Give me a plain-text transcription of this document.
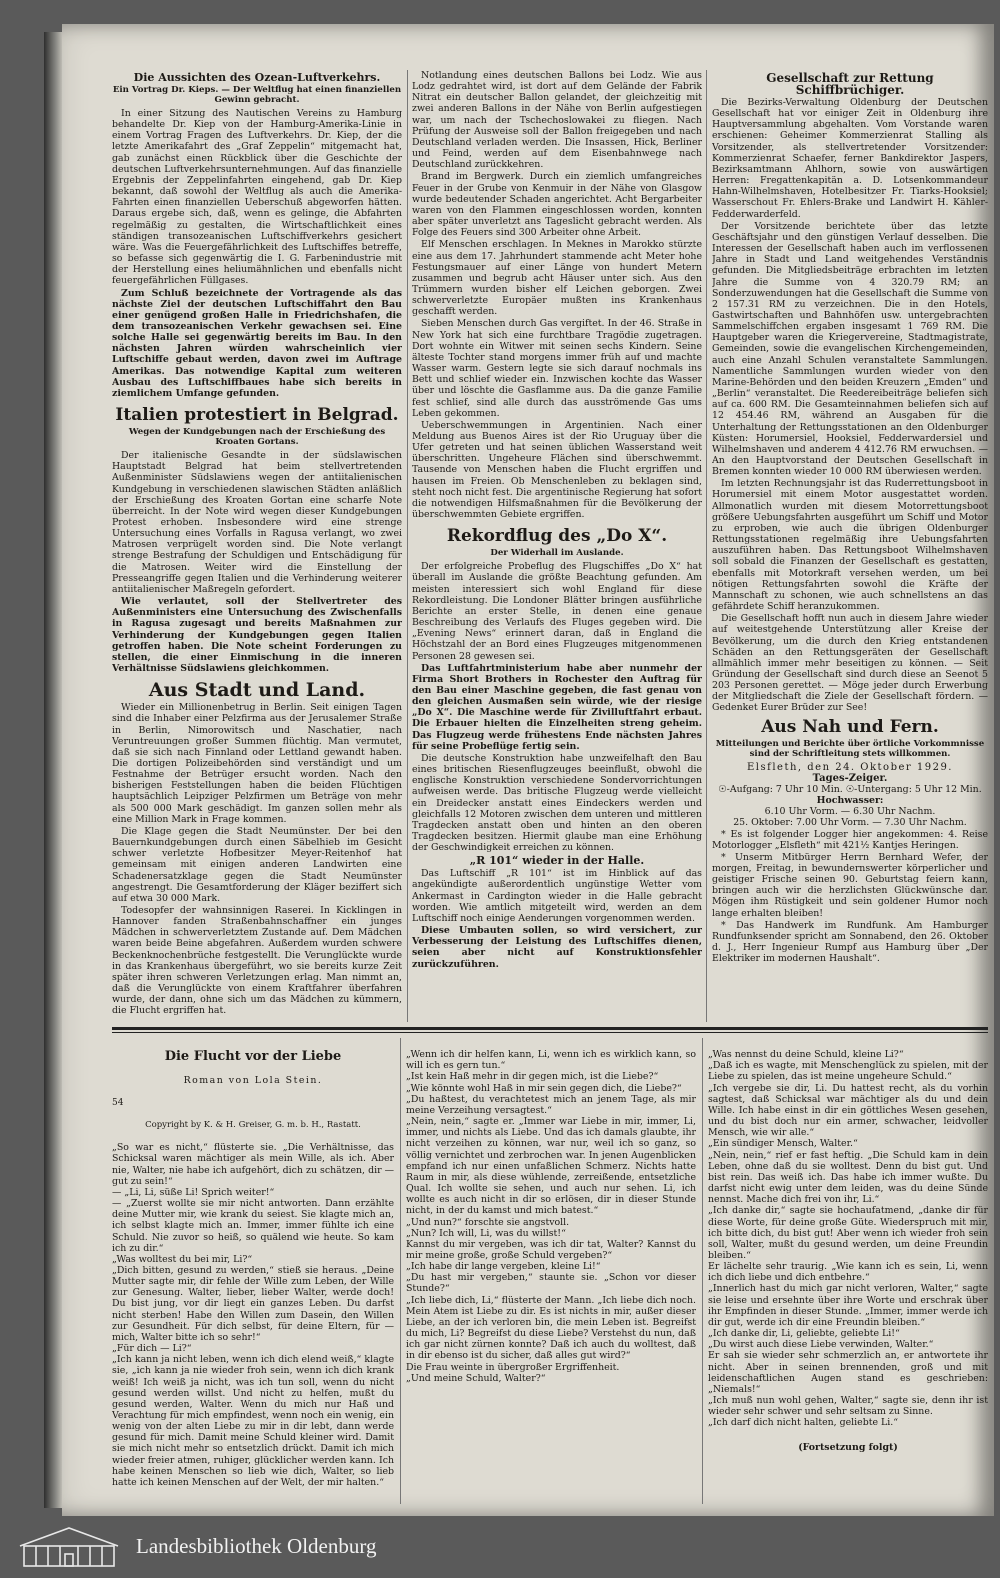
Die Aussichten des Ozean-Luftverkehrs.
Ein Vortrag Dr. Kieps. — Der Weltflug hat einen finanziellen Gewinn gebracht.

In einer Sitzung des Nautischen Vereins zu Hamburg behandelte Dr. Kiep von der Hamburg-Amerika-Linie in einem Vortrag Fragen des Luftverkehrs. Dr. Kiep, der die letzte Amerikafahrt des „Graf Zeppelin“ mitgemacht hat, gab zunächst einen Rückblick über die Geschichte der deutschen Luftverkehrsunternehmungen. Auf das finanzielle Ergebnis der Zeppelinfahrten eingehend, gab Dr. Kiep bekannt, daß sowohl der Weltflug als auch die Amerika-Fahrten einen finanziellen Ueberschuß abgeworfen hätten. Daraus ergebe sich, daß, wenn es gelinge, die Abfahrten regelmäßig zu gestalten, die Wirtschaftlichkeit eines ständigen transozeanischen Luftschiffverkehrs gesichert wäre. Was die Feuergefährlichkeit des Luftschiffes betreffe, so befasse sich gegenwärtig die I. G. Farbenindustrie mit der Herstellung eines heliumähnlichen und ebenfalls nicht feuergefährlichen Füllgases.

Zum Schluß bezeichnete der Vortragende als das nächste Ziel der deutschen Luftschiffahrt den Bau einer genügend großen Halle in Friedrichshafen, die dem transozeanischen Verkehr gewachsen sei. Eine solche Halle sei gegenwärtig bereits im Bau. In den nächsten Jahren würden wahrscheinlich vier Luftschiffe gebaut werden, davon zwei im Auftrage Amerikas. Das notwendige Kapital zum weiteren Ausbau des Luftschiffbaues habe sich bereits in ziemlichem Umfange gefunden.

Italien protestiert in Belgrad.
Wegen der Kundgebungen nach der Erschießung des Kroaten Gortans.

Der italienische Gesandte in der südslawischen Hauptstadt Belgrad hat beim stellvertretenden Außenminister Südslawiens wegen der antiitalienischen Kundgebung in verschiedenen slawischen Städten anläßlich der Erschießung des Kroaten Gortan eine scharfe Note überreicht. In der Note wird wegen dieser Kundgebungen Protest erhoben. Insbesondere wird eine strenge Untersuchung eines Vorfalls in Ragusa verlangt, wo zwei Matrosen verprügelt worden sind. Die Note verlangt strenge Bestrafung der Schuldigen und Entschädigung für die Matrosen. Weiter wird die Einstellung der Presseangriffe gegen Italien und die Verhinderung weiterer antiitalienischer Maßregeln gefordert.

Wie verlautet, soll der Stellvertreter des Außenministers eine Untersuchung des Zwischenfalls in Ragusa zugesagt und bereits Maßnahmen zur Verhinderung der Kundgebungen gegen Italien getroffen haben. Die Note scheint Forderungen zu stellen, die einer Einmischung in die inneren Verhältnisse Südslawiens gleichkommen.

Aus Stadt und Land.

Wieder ein Millionenbetrug in Berlin. Seit einigen Tagen sind die Inhaber einer Pelzfirma aus der Jerusalemer Straße in Berlin, Nimorowitsch und Naschatier, nach Veruntreuungen großer Summen flüchtig. Man vermutet, daß sie sich nach Finnland oder Lettland gewandt haben. Die dortigen Polizeibehörden sind verständigt und um Festnahme der Betrüger ersucht worden. Nach den bisherigen Feststellungen haben die beiden Flüchtigen hauptsächlich Leipziger Pelzfirmen um Beträge von mehr als 500 000 Mark geschädigt. Im ganzen sollen mehr als eine Million Mark in Frage kommen.

Die Klage gegen die Stadt Neumünster. Der bei den Bauernkundgebungen durch einen Säbelhieb im Gesicht schwer verletzte Hofbesitzer Meyer-Reitenhof hat gemeinsam mit einigen anderen Landwirten eine Schadenersatzklage gegen die Stadt Neumünster angestrengt. Die Gesamtforderung der Kläger beziffert sich auf etwa 30 000 Mark.

Todesopfer der wahnsinnigen Raserei. In Kicklingen in Hannover fanden Straßenbahnschaffner ein junges Mädchen in schwerverletztem Zustande auf. Dem Mädchen waren beide Beine abgefahren. Außerdem wurden schwere Beckenknochenbrüche festgestellt. Die Verunglückte wurde in das Krankenhaus übergeführt, wo sie bereits kurze Zeit später ihren schweren Verletzungen erlag. Man nimmt an, daß die Verunglückte von einem Kraftfahrer überfahren wurde, der dann, ohne sich um das Mädchen zu kümmern, die Flucht ergriffen hat.

Notlandung eines deutschen Ballons bei Lodz. Wie aus Lodz gedrahtet wird, ist dort auf dem Gelände der Fabrik Nitrat ein deutscher Ballon gelandet, der gleichzeitig mit zwei anderen Ballons in der Nähe von Berlin aufgestiegen war, um nach der Tschechoslowakei zu fliegen. Nach Prüfung der Ausweise soll der Ballon freigegeben und nach Deutschland verladen werden. Die Insassen, Hick, Berliner und Feind, werden auf dem Eisenbahnwege nach Deutschland zurückkehren.

Brand im Bergwerk. Durch ein ziemlich umfangreiches Feuer in der Grube von Kenmuir in der Nähe von Glasgow wurde bedeutender Schaden angerichtet. Acht Bergarbeiter waren von den Flammen eingeschlossen worden, konnten aber später unverletzt ans Tageslicht gebracht werden. Als Folge des Feuers sind 300 Arbeiter ohne Arbeit.

Elf Menschen erschlagen. In Meknes in Marokko stürzte eine aus dem 17. Jahrhundert stammende acht Meter hohe Festungsmauer auf einer Länge von hundert Metern zusammen und begrub acht Häuser unter sich. Aus den Trümmern wurden bisher elf Leichen geborgen. Zwei schwerverletzte Europäer mußten ins Krankenhaus geschafft werden.

Sieben Menschen durch Gas vergiftet. In der 46. Straße in New York hat sich eine furchtbare Tragödie zugetragen. Dort wohnte ein Witwer mit seinen sechs Kindern. Seine älteste Tochter stand morgens immer früh auf und machte Wasser warm. Gestern legte sie sich darauf nochmals ins Bett und schlief wieder ein. Inzwischen kochte das Wasser über und löschte die Gasflamme aus. Da die ganze Familie fest schlief, sind alle durch das ausströmende Gas ums Leben gekommen.

Ueberschwemmungen in Argentinien. Nach einer Meldung aus Buenos Aires ist der Rio Uruguay über die Ufer getreten und hat seinen üblichen Wasserstand weit überschritten. Ungeheure Flächen sind überschwemmt. Tausende von Menschen haben die Flucht ergriffen und hausen im Freien. Ob Menschenleben zu beklagen sind, steht noch nicht fest. Die argentinische Regierung hat sofort die notwendigen Hilfsmaßnahmen für die Bevölkerung der überschwemmten Gebiete ergriffen.

Rekordflug des „Do X“.
Der Widerhall im Auslande.

Der erfolgreiche Probeflug des Flugschiffes „Do X“ hat überall im Auslande die größte Beachtung gefunden. Am meisten interessiert sich wohl England für diese Rekordleistung. Die Londoner Blätter bringen ausführliche Berichte an erster Stelle, in denen eine genaue Beschreibung des Verlaufs des Fluges gegeben wird. Die „Evening News“ erinnert daran, daß in England die Höchstzahl der an Bord eines Flugzeuges mitgenommenen Personen 28 gewesen sei.

Das Luftfahrtministerium habe aber nunmehr der Firma Short Brothers in Rochester den Auftrag für den Bau einer Maschine gegeben, die fast genau von den gleichen Ausmaßen sein würde, wie der riesige „Do X“. Die Maschine werde für Zivilluftfahrt erbaut. Die Erbauer hielten die Einzelheiten streng geheim. Das Flugzeug werde frühestens Ende nächsten Jahres für seine Probeflüge fertig sein.

Die deutsche Konstruktion habe unzweifelhaft den Bau eines britischen Riesenflugzeuges beeinflußt, obwohl die englische Konstruktion verschiedene Sondervorrichtungen aufweisen werde. Das britische Flugzeug werde vielleicht ein Dreidecker anstatt eines Eindeckers werden und gleichfalls 12 Motoren zwischen dem unteren und mittleren Tragdecken anstatt oben und hinten an den oberen Tragdecken besitzen. Hiermit glaube man eine Erhöhung der Geschwindigkeit erreichen zu können.

„R 101“ wieder in der Halle.

Das Luftschiff „R 101“ ist im Hinblick auf das angekündigte außerordentlich ungünstige Wetter vom Ankermast in Cardington wieder in die Halle gebracht worden. Wie amtlich mitgeteilt wird, werden an dem Luftschiff noch einige Aenderungen vorgenommen werden.

Diese Umbauten sollen, so wird versichert, zur Verbesserung der Leistung des Luftschiffes dienen, seien aber nicht auf Konstruktionsfehler zurückzuführen.

Gesellschaft zur Rettung Schiffbrüchiger.

Die Bezirks-Verwaltung Oldenburg der Deutschen Gesellschaft hat vor einiger Zeit in Oldenburg ihre Hauptversammlung abgehalten. Vom Vorstande waren erschienen: Geheimer Kommerzienrat Stalling als Vorsitzender, als stellvertretender Vorsitzender: Kommerzienrat Schaefer, ferner Bankdirektor Jaspers, Bezirksamtmann Ahlhorn, sowie von auswärtigen Herren: Fregattenkapitän a. D. Lotsenkommandeur Hahn-Wilhelmshaven, Hotelbesitzer Fr. Tiarks-Hooksiel; Wasserschout Fr. Ehlers-Brake und Landwirt H. Kähler-Fedderwarderfeld.

Der Vorsitzende berichtete über das letzte Geschäftsjahr und den günstigen Verlauf desselben. Die Interessen der Gesellschaft haben auch im verflossenen Jahre in Stadt und Land weitgehendes Verständnis gefunden. Die Mitgliedsbeiträge erbrachten im letzten Jahre die Summe von 4 320.79 RM; an Sonderzuwendungen hat die Gesellschaft die Summe von 2 157.31 RM zu verzeichnen. Die in den Hotels, Gastwirtschaften und Bahnhöfen usw. untergebrachten Sammelschiffchen ergaben insgesamt 1 769 RM. Die Hauptgeber waren die Kriegervereine, Stadtmagistrate, Gemeinden, sowie die evangelischen Kirchengemeinden, auch eine Anzahl Schulen veranstaltete Sammlungen. Namentliche Sammlungen wurden wieder von den Marine-Behörden und den beiden Kreuzern „Emden“ und „Berlin“ veranstaltet. Die Reedereibeiträge beliefen sich auf ca. 600 RM. Die Gesamteinnahmen beliefen sich auf 12 454.46 RM, während an Ausgaben für die Unterhaltung der Rettungsstationen an den Oldenburger Küsten: Horumersiel, Hooksiel, Fedderwardersiel und Wilhelmshaven und anderem 4 412.76 RM erwuchsen. — An den Hauptvorstand der Deutschen Gesellschaft in Bremen konnten wieder 10 000 RM überwiesen werden.

Im letzten Rechnungsjahr ist das Ruderrettungsboot in Horumersiel mit einem Motor ausgestattet worden. Allmonatlich wurden mit diesem Motorrettungsboot größere Uebungsfahrten ausgeführt um Schiff und Motor zu erproben, wie auch die übrigen Oldenburger Rettungsstationen regelmäßig ihre Uebungsfahrten auszuführen haben. Das Rettungsboot Wilhelmshaven soll sobald die Finanzen der Gesellschaft es gestatten, ebenfalls mit Motorkraft versehen werden, um bei nötigen Rettungsfahrten sowohl die Kräfte der Mannschaft zu schonen, wie auch schnellstens an das gefährdete Schiff heranzukommen.

Die Gesellschaft hofft nun auch in diesem Jahre wieder auf weitestgehende Unterstützung aller Kreise der Bevölkerung, um die durch den Krieg entstandenen Schäden an den Rettungsgeräten der Gesellschaft allmählich immer mehr beseitigen zu können. — Seit Gründung der Gesellschaft sind durch diese an Seenot 5 203 Personen gerettet. — Möge jeder durch Erwerbung der Mitgliedschaft die Ziele der Gesellschaft fördern. — Gedenket Eurer Brüder zur See!

Aus Nah und Fern.
Mitteilungen und Berichte über örtliche Vorkommnisse sind der Schriftleitung stets willkommen.
Elsfleth, den 24. Oktober 1929.
Tages-Zeiger.
☉-Aufgang: 7 Uhr 10 Min. ☉-Untergang: 5 Uhr 12 Min.
Hochwasser:
6.10 Uhr Vorm. — 6.30 Uhr Nachm.
25. Oktober: 7.00 Uhr Vorm. — 7.30 Uhr Nachm.

* Es ist folgender Logger hier angekommen: 4. Reise Motorlogger „Elsfleth“ mit 421½ Kantjes Heringen.

* Unserm Mitbürger Herrn Bernhard Wefer, der morgen, Freitag, in bewundernswerter körperlicher und geistiger Frische seinen 90. Geburtstag feiern kann, bringen auch wir die herzlichsten Glückwünsche dar. Mögen ihm Rüstigkeit und sein goldener Humor noch lange erhalten bleiben!

* Das Handwerk im Rundfunk. Am Hamburger Rundfunksender spricht am Sonnabend, den 26. Oktober d. J., Herr Ingenieur Rumpf aus Hamburg über „Der Elektriker im modernen Haushalt“.

Die Flucht vor der Liebe

Roman von Lola Stein.

54

Copyright by K. & H. Greiser, G. m. b. H., Rastatt.

„So war es nicht,“ flüsterte sie. „Die Verhältnisse, das Schicksal waren mächtiger als mein Wille, als ich. Aber nie, Walter, nie habe ich aufgehört, dich zu schätzen, dir — gut zu sein!“
— „Li, Li, süße Li! Sprich weiter!“
— „Zuerst wollte sie mir nicht antworten. Dann erzählte deine Mutter mir, wie krank du seiest. Sie klagte mich an, ich selbst klagte mich an. Immer, immer fühlte ich eine Schuld. Nie zuvor so heiß, so quälend wie heute. So kam ich zu dir.“
„Was wolltest du bei mir, Li?“
„Dich bitten, gesund zu werden,“ stieß sie heraus. „Deine Mutter sagte mir, dir fehle der Wille zum Leben, der Wille zur Genesung. Walter, lieber, lieber Walter, werde doch! Du bist jung, vor dir liegt ein ganzes Leben. Du darfst nicht sterben! Habe den Willen zum Dasein, den Willen zur Gesundheit. Für dich selbst, für deine Eltern, für — mich, Walter bitte ich so sehr!“
„Für dich — Li?“
„Ich kann ja nicht leben, wenn ich dich elend weiß,“ klagte sie, „ich kann ja nie wieder froh sein, wenn ich dich krank weiß! Ich weiß ja nicht, was ich tun soll, wenn du nicht gesund werden willst. Und nicht zu helfen, mußt du gesund werden, Walter. Wenn du mich nur Haß und Verachtung für mich empfindest, wenn noch ein wenig, ein wenig von der alten Liebe zu mir in dir lebt, dann werde gesund für mich. Damit meine Schuld kleiner wird. Damit sie mich nicht mehr so entsetzlich drückt. Damit ich mich wieder freier atmen, ruhiger, glücklicher werden kann. Ich habe keinen Menschen so lieb wie dich, Walter, so lieb hatte ich keinen Menschen auf der Welt, der mir halten.“

„Wenn ich dir helfen kann, Li, wenn ich es wirklich kann, so will ich es gern tun.“
„Ist kein Haß mehr in dir gegen mich, ist die Liebe?“
„Wie könnte wohl Haß in mir sein gegen dich, die Liebe?“
„Du haßtest, du verachtetest mich an jenem Tage, als mir meine Verzeihung versagtest.“
„Nein, nein,“ sagte er. „Immer war Liebe in mir, immer, Li, immer, und nichts als Liebe. Und das ich damals glaubte, ihr nicht verzeihen zu können, war nur, weil ich so ganz, so völlig vernichtet und zerbrochen war. In jenen Augenblicken empfand ich nur einen unfaßlichen Schmerz. Nichts hatte Raum in mir, als diese wühlende, zerreißende, entsetzliche Qual. Ich wollte sie sehen, und auch nur sehen. Li, ich wollte es auch nicht in dir so erlösen, dir in dieser Stunde nicht, in der du kamst und mich batest.“
„Und nun?“ forschte sie angstvoll.
„Nun? Ich will, Li, was du willst!“
Kannst du mir vergeben, was ich dir tat, Walter? Kannst du mir meine große, große Schuld vergeben?“
„Ich habe dir lange vergeben, kleine Li!“
„Du hast mir vergeben,“ staunte sie. „Schon vor dieser Stunde?“
„Ich liebe dich, Li,“ flüsterte der Mann. „Ich liebe dich noch. Mein Atem ist Liebe zu dir. Es ist nichts in mir, außer dieser Liebe, an der ich verloren bin, die mein Leben ist. Begreifst du mich, Li? Begreifst du diese Liebe? Verstehst du nun, daß ich gar nicht zürnen konnte? Daß ich auch du wolltest, daß in dir ebenso ist du sicher, daß alles gut wird?“
Die Frau weinte in übergroßer Ergriffenheit.
„Und meine Schuld, Walter?“

„Was nennst du deine Schuld, kleine Li?“
„Daß ich es wagte, mit Menschenglück zu spielen, mit der Liebe zu spielen, das ist meine ungeheure Schuld.“
„Ich vergebe sie dir, Li. Du hattest recht, als du vorhin sagtest, daß Schicksal war mächtiger als du und dein Wille. Ich habe einst in dir ein göttliches Wesen gesehen, und du bist doch nur ein armer, schwacher, leidvoller Mensch, wie wir alle.“
„Ein sündiger Mensch, Walter.“
„Nein, nein,“ rief er fast heftig. „Die Schuld kam in dein Leben, ohne daß du sie wolltest. Denn du bist gut. Und bist rein. Das weiß ich. Das habe ich immer wußte. Du darfst nicht ewig unter dem leiden, was du deine Sünde nennst. Mache dich frei von ihr, Li.“
„Ich danke dir,“ sagte sie hochaufatmend, „danke dir für diese Worte, für deine große Güte. Wiederspruch mit mir, ich bitte dich, du bist gut! Aber wenn ich wieder froh sein soll, Walter, mußt du gesund werden, um deine Freundin bleiben.“
Er lächelte sehr traurig. „Wie kann ich es sein, Li, wenn ich dich liebe und dich entbehre.“
„Innerlich hast du mich gar nicht verloren, Walter,“ sagte sie leise und ersehnte über ihre Worte und erschrak über ihr Empfinden in dieser Stunde. „Immer, immer werde ich dir gut, werde ich dir eine Freundin bleiben.“
„Ich danke dir, Li, geliebte, geliebte Li!“
„Du wirst auch diese Liebe verwinden, Walter.“
Er sah sie wieder sehr schmerzlich an, er antwortete ihr nicht. Aber in seinen brennenden, groß und mit leidenschaftlichen Augen stand es geschrieben: „Niemals!“
„Ich muß nun wohl gehen, Walter,“ sagte sie, denn ihr ist wieder sehr schwer und sehr seltsam zu Sinne.
„Ich darf dich nicht halten, geliebte Li.“

(Fortsetzung folgt)

Landesbibliothek Oldenburg
